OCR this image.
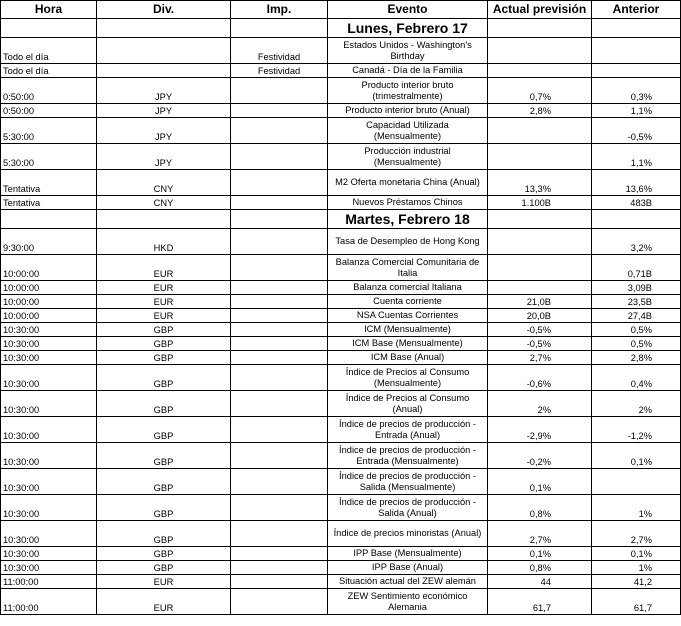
Hora	Div.	Imp.	Evento	Actual previsión	Anterior
			Lunes, Febrero 17		
Todo el día		Festividad	Estados Unidos - Washington's Birthday		
Todo el día		Festividad	Canadá - Día de la Familia		
0:50:00	JPY		Producto interior bruto (trimestralmente)	0,7%	0,3%
0:50:00	JPY		Producto interior bruto (Anual)	2,8%	1,1%
5:30:00	JPY		Capacidad Utilizada (Mensualmente)		-0,5%
5:30:00	JPY		Producción industrial (Mensualmente)		1,1%
Tentativa	CNY		M2 Oferta monetaria China (Anual)	13,3%	13,6%
Tentativa	CNY		Nuevos Préstamos Chinos	1.100B	483B
			Martes, Febrero 18		
9:30:00	HKD		Tasa de Desempleo de Hong Kong		3,2%
10:00:00	EUR		Balanza Comercial Comunitaria de Italia		0,71B
10:00:00	EUR		Balanza comercial Italiana		3,09B
10:00:00	EUR		Cuenta corriente	21,0B	23,5B
10:00:00	EUR		NSA Cuentas Corrientes	20,0B	27,4B
10:30:00	GBP		ICM (Mensualmente)	-0,5%	0,5%
10:30:00	GBP		ICM Base (Mensualmente)	-0,5%	0,5%
10:30:00	GBP		ICM Base (Anual)	2,7%	2,8%
10:30:00	GBP		Índice de Precios al Consumo (Mensualmente)	-0,6%	0,4%
10:30:00	GBP		Índice de Precios al Consumo (Anual)	2%	2%
10:30:00	GBP		Índice de precios de producción - Entrada (Anual)	-2,9%	-1,2%
10:30:00	GBP		Índice de precios de producción - Entrada (Mensualmente)	-0,2%	0,1%
10:30:00	GBP		Índice de precios de producción - Salida (Mensualmente)	0,1%	
10:30:00	GBP		Índice de precios de producción - Salida (Anual)	0,8%	1%
10:30:00	GBP		Índice de precios minoristas (Anual)	2,7%	2,7%
10:30:00	GBP		IPP Base (Mensualmente)	0,1%	0,1%
10:30:00	GBP		IPP Base (Anual)	0,8%	1%
11:00:00	EUR		Situación actual del ZEW alemán	44	41,2
11:00:00	EUR		ZEW Sentimiento económico Alemania	61,7	61,7
